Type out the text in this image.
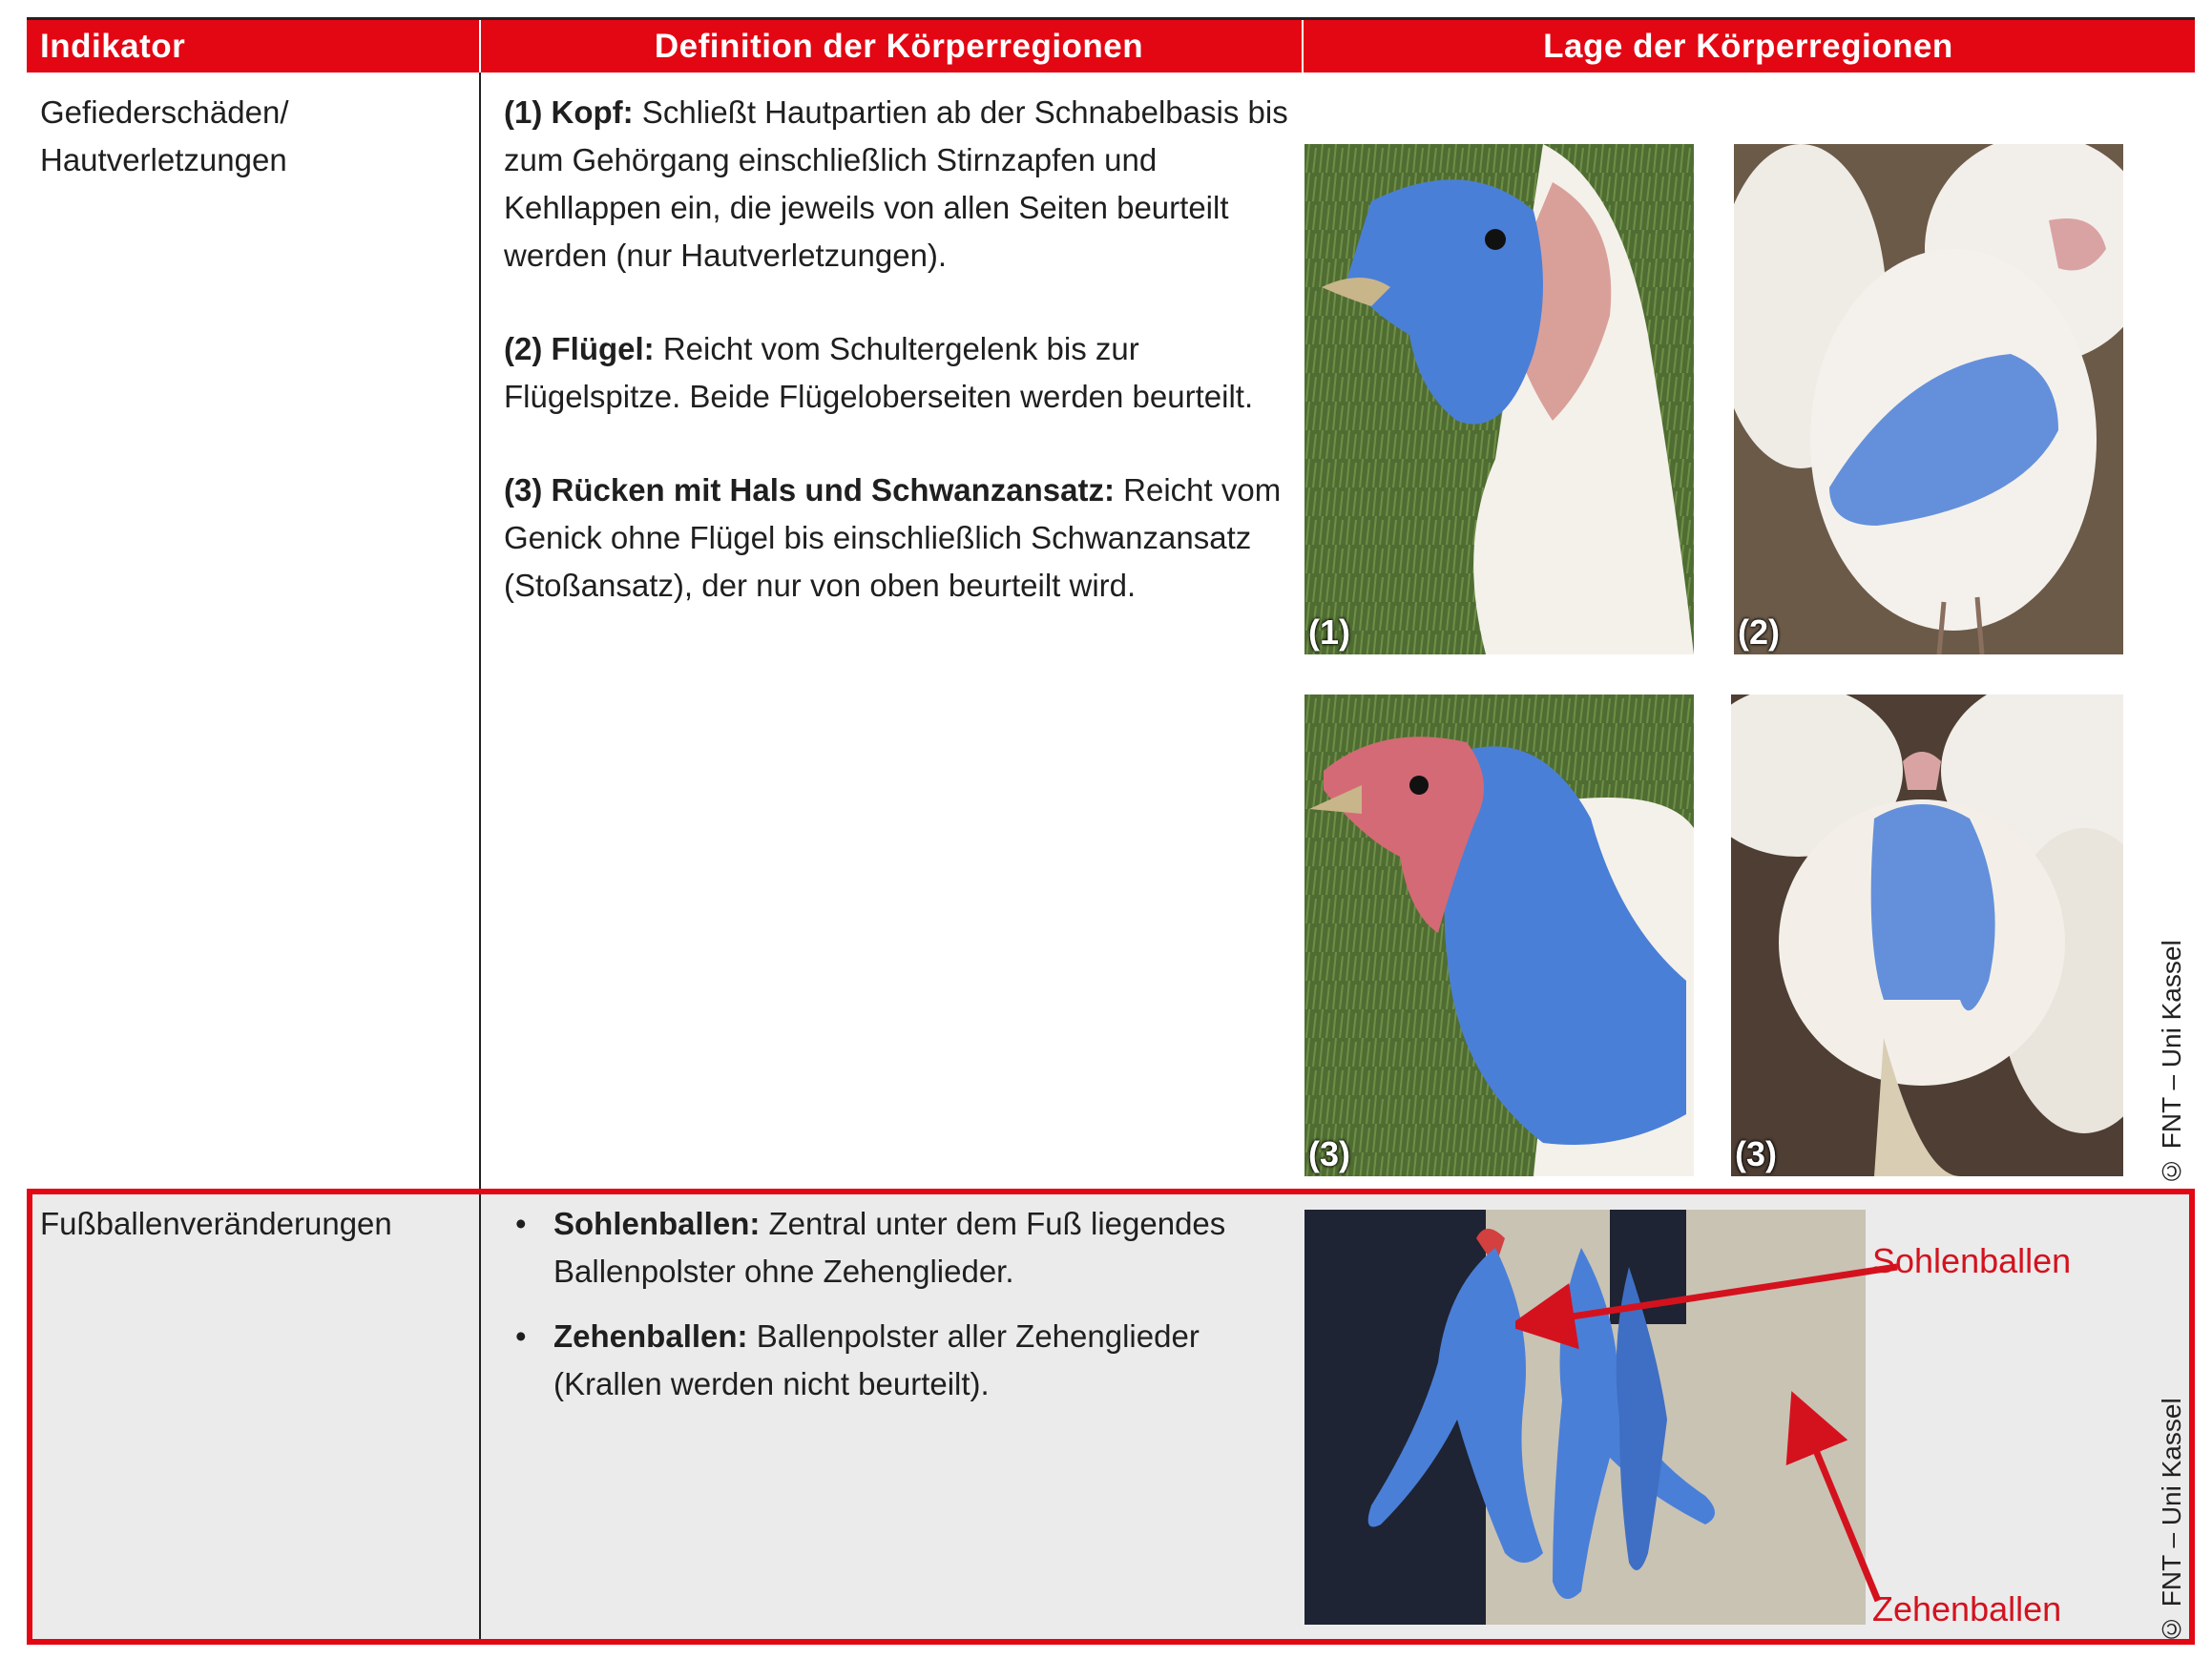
Indikator	Definition der Körperregionen	Lage der Körperregionen
Gefiederschäden/ Hautverletzungen

(1) Kopf: Schließt Hautpartien ab der Schnabelbasis bis zum Gehörgang einschließlich Stirnzapfen und Kehllappen ein, die jeweils von allen Seiten beurteilt werden (nur Hautverletzungen).

(2) Flügel: Reicht vom Schultergelenk bis zur Flügelspitze. Beide Flügeloberseiten werden beurteilt.

(3) Rücken mit Hals und Schwanzansatz: Reicht vom Genick ohne Flügel bis einschließlich Schwanzansatz (Stoßansatz), der nur von oben beurteilt wird.

(1)	(2)
(3)	(3)	© FNT – Uni Kassel
Fußballenveränderungen
•	Sohlenballen: Zentral unter dem Fuß liegendes Ballenpolster ohne Zehenglieder.
• Zehenballen: Ballenpolster aller Zehenglieder (Krallen werden nicht beurteilt).
Sohlenballen
Zehenballen	© FNT – Uni Kassel
